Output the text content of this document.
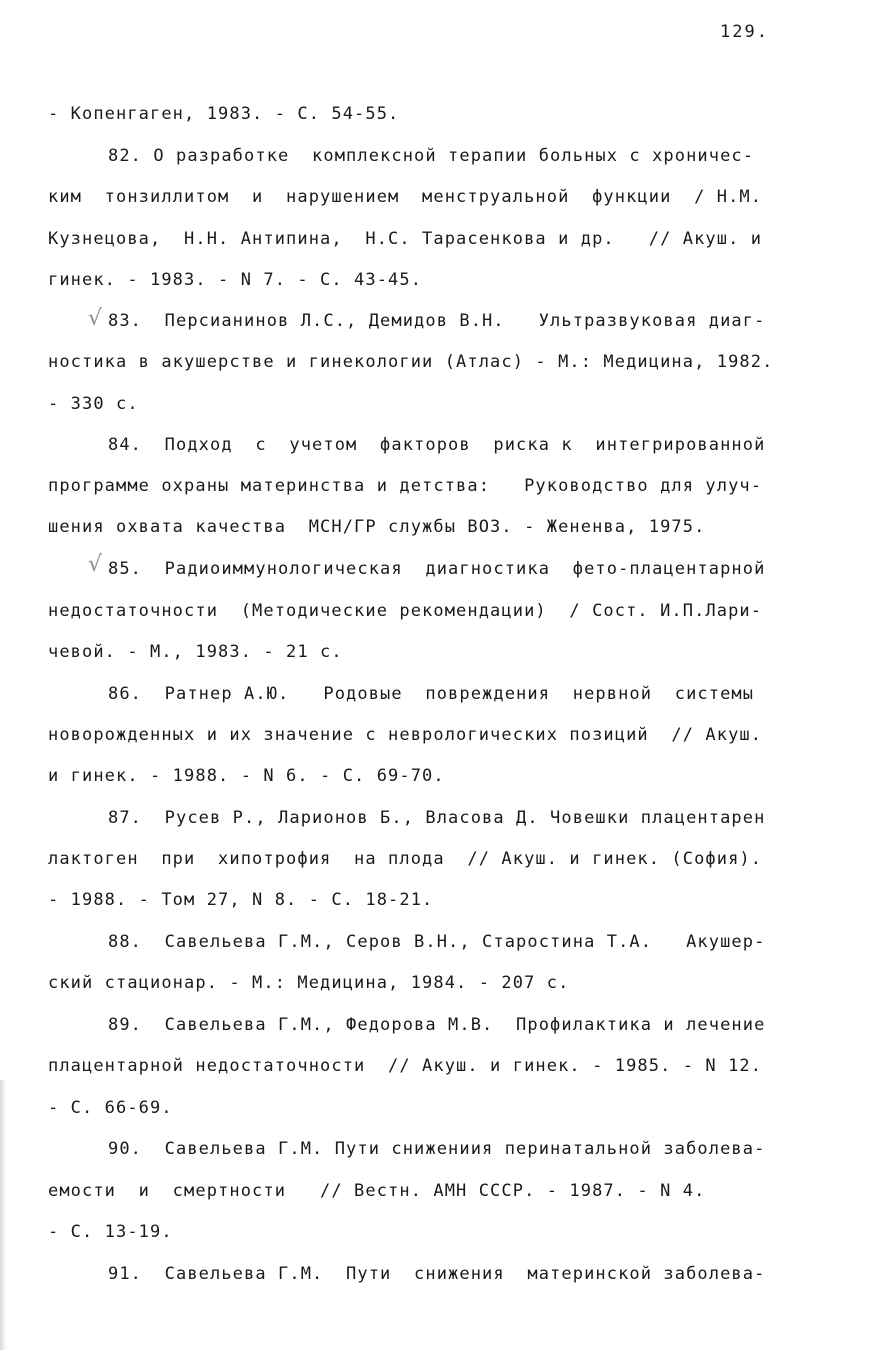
129.
√
√
- Копенгаген, 1983. - С. 54-55.
82. О разработке  комплексной терапии больных с хроничес-
ким  тонзиллитом  и  нарушением  менструальной  функции  / Н.М.
Кузнецова,  Н.Н. Антипина,  Н.С. Тарасенкова и др.   // Акуш. и
гинек. - 1983. - N 7. - С. 43-45.
83.  Персианинов Л.С., Демидов В.Н.   Ультразвуковая диаг-
ностика в акушерстве и гинекологии (Атлас) - М.: Медицина, 1982.
- 330 с.
84.  Подход  с  учетом  факторов  риска к  интегрированной
программе охраны материнства и детства:   Руководство для улуч-
шения охвата качества  МСН/ГР службы ВОЗ. - Жененва, 1975.
85.  Радиоиммунологическая  диагностика  фето-плацентарной
недостаточности  (Методические рекомендации)  / Сост. И.П.Лари-
чевой. - М., 1983. - 21 с.
86.  Ратнер А.Ю.   Родовые  повреждения  нервной  системы
новорожденных и их значение с неврологических позиций  // Акуш.
и гинек. - 1988. - N 6. - С. 69-70.
87.  Русев Р., Ларионов Б., Власова Д. Човешки плацентарен
лактоген  при  хипотрофия  на плода  // Акуш. и гинек. (София).
- 1988. - Том 27, N 8. - С. 18-21.
88.  Савельева Г.М., Серов В.Н., Старостина Т.А.   Акушер-
ский стационар. - М.: Медицина, 1984. - 207 с.
89.  Савельева Г.М., Федорова М.В.  Профилактика и лечение
плацентарной недостаточности  // Акуш. и гинек. - 1985. - N 12.
- С. 66-69.
90.  Савельева Г.М. Пути снижениия перинатальной заболева-
емости  и  смертности   // Вестн. АМН СССР. - 1987. - N 4.
- С. 13-19.
91.  Савельева Г.М.  Пути  снижения  материнской заболева-
